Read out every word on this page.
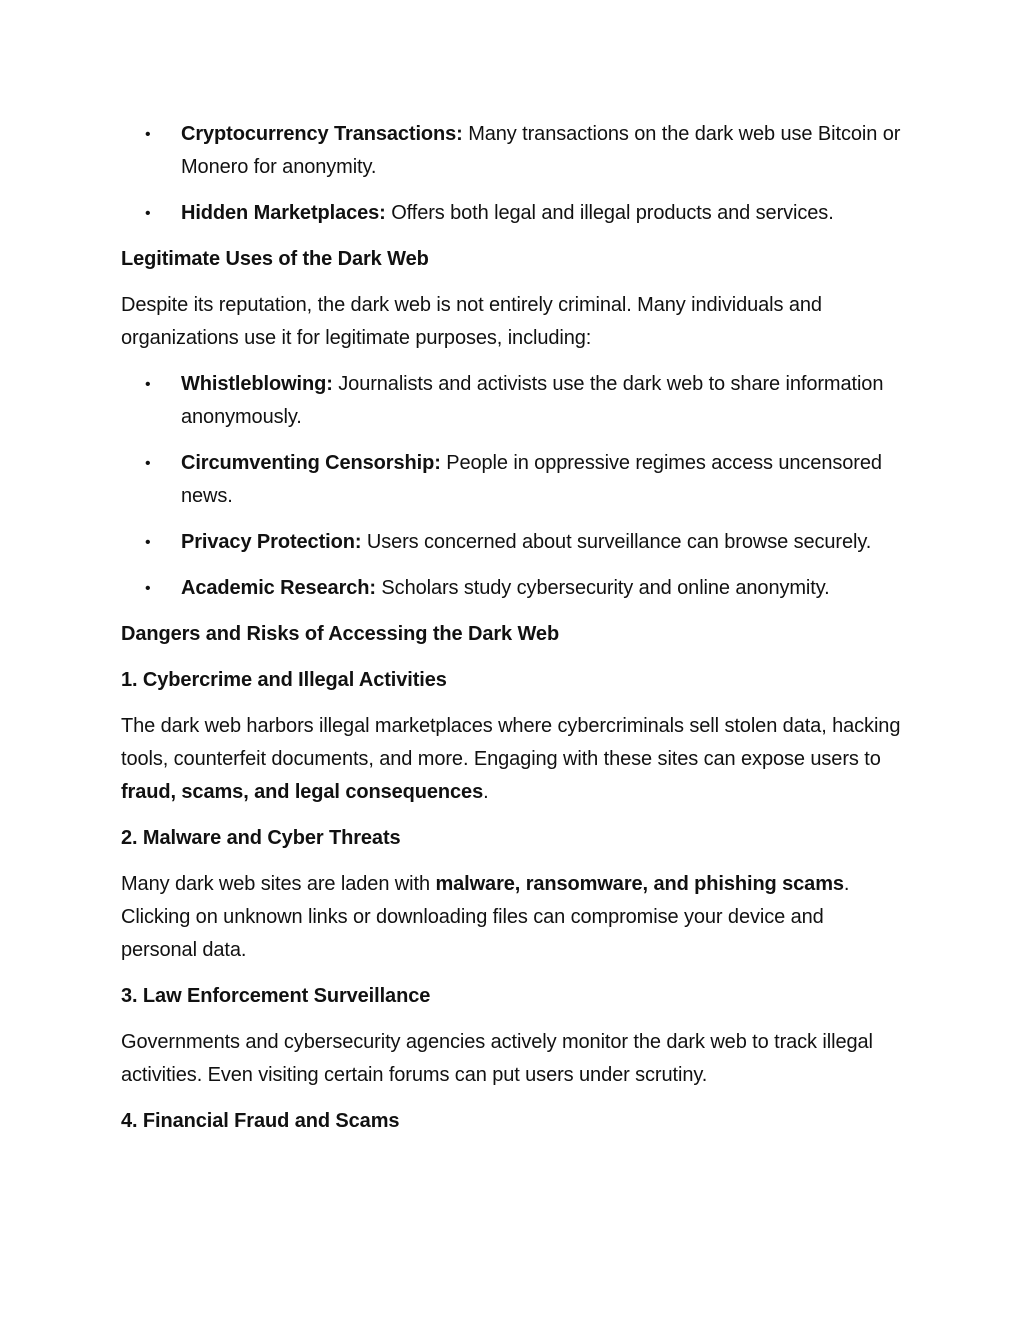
• Cryptocurrency Transactions: Many transactions on the dark web use Bitcoin or Monero for anonymity.
• Hidden Marketplaces: Offers both legal and illegal products and services.

Legitimate Uses of the Dark Web

Despite its reputation, the dark web is not entirely criminal. Many individuals and organizations use it for legitimate purposes, including:

• Whistleblowing: Journalists and activists use the dark web to share information anonymously.
• Circumventing Censorship: People in oppressive regimes access uncensored news.
• Privacy Protection: Users concerned about surveillance can browse securely.
• Academic Research: Scholars study cybersecurity and online anonymity.

Dangers and Risks of Accessing the Dark Web

1. Cybercrime and Illegal Activities

The dark web harbors illegal marketplaces where cybercriminals sell stolen data, hacking tools, counterfeit documents, and more. Engaging with these sites can expose users to fraud, scams, and legal consequences.

2. Malware and Cyber Threats

Many dark web sites are laden with malware, ransomware, and phishing scams. Clicking on unknown links or downloading files can compromise your device and personal data.

3. Law Enforcement Surveillance

Governments and cybersecurity agencies actively monitor the dark web to track illegal activities. Even visiting certain forums can put users under scrutiny.

4. Financial Fraud and Scams
